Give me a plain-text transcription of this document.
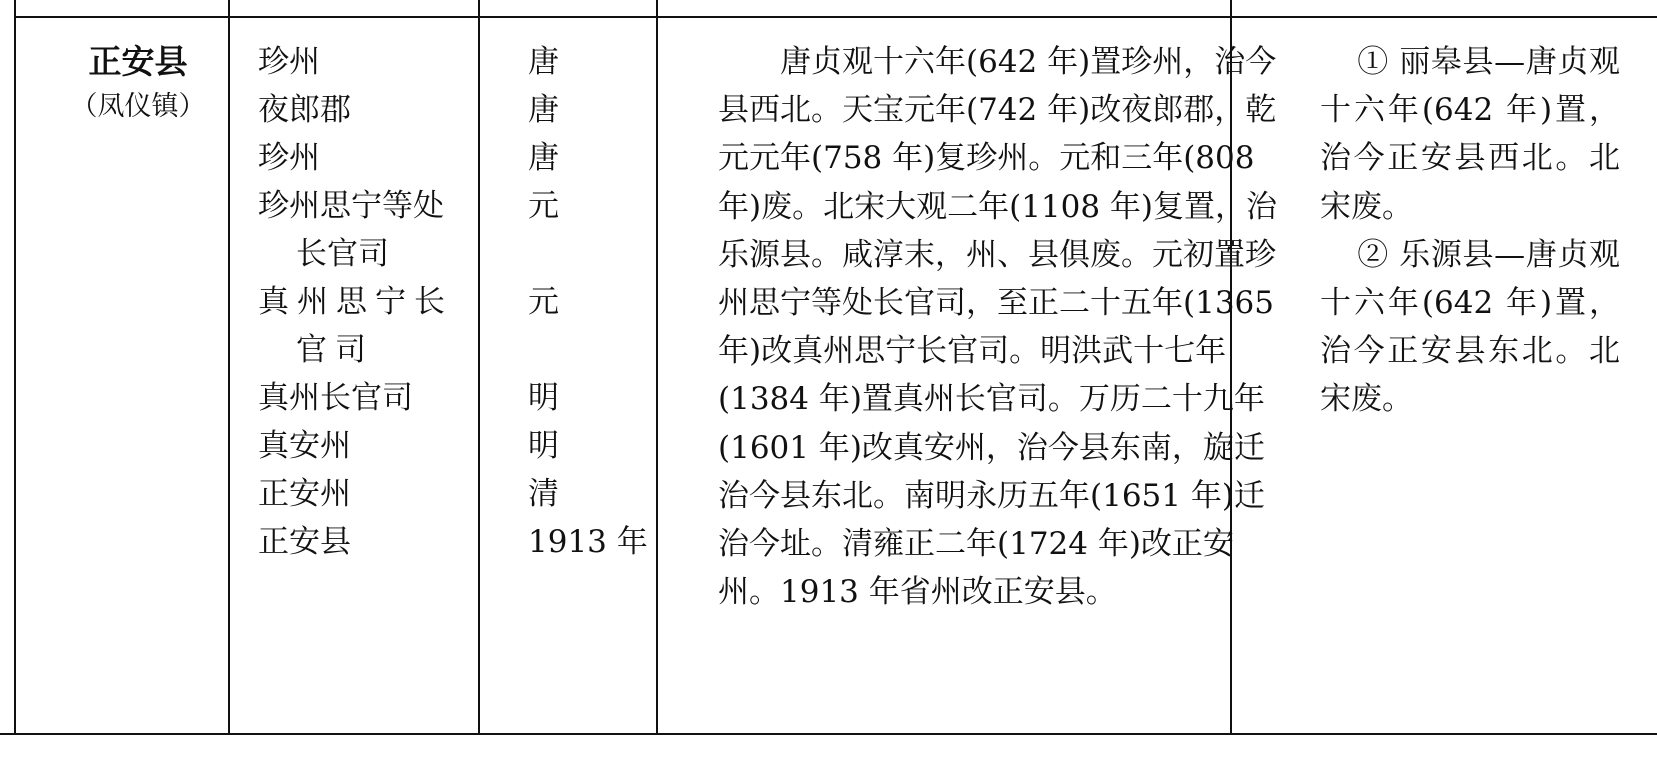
正安县
（凤仪镇）
珍州
夜郎郡
珍州
珍州思宁等处
长官司
真州思宁长
官司
真州长官司
真安州
正安州
正安县
唐
唐
唐
元

元

明
明
清
1913 年

唐贞观十六年(642 年)置珍州，治今县西北。天宝元年(742 年)改夜郎郡，乾元元年(758 年)复珍州。元和三年(808 年)废。北宋大观二年(1108 年)复置，治乐源县。咸淳末，州、县俱废。元初置珍州思宁等处长官司，至正二十五年(1365 年)改真州思宁长官司。明洪武十七年(1384 年)置真州长官司。万历二十九年(1601 年)改真安州，治今县东南，旋迁治今县东北。南明永历五年(1651 年)迁治今址。清雍正二年(1724 年)改正安州。1913 年省州改正安县。

① 丽皋县—唐贞观十六年(642 年)置，治今正安县西北。北宋废。

② 乐源县—唐贞观十六年(642 年)置，治今正安县东北。北宋废。
